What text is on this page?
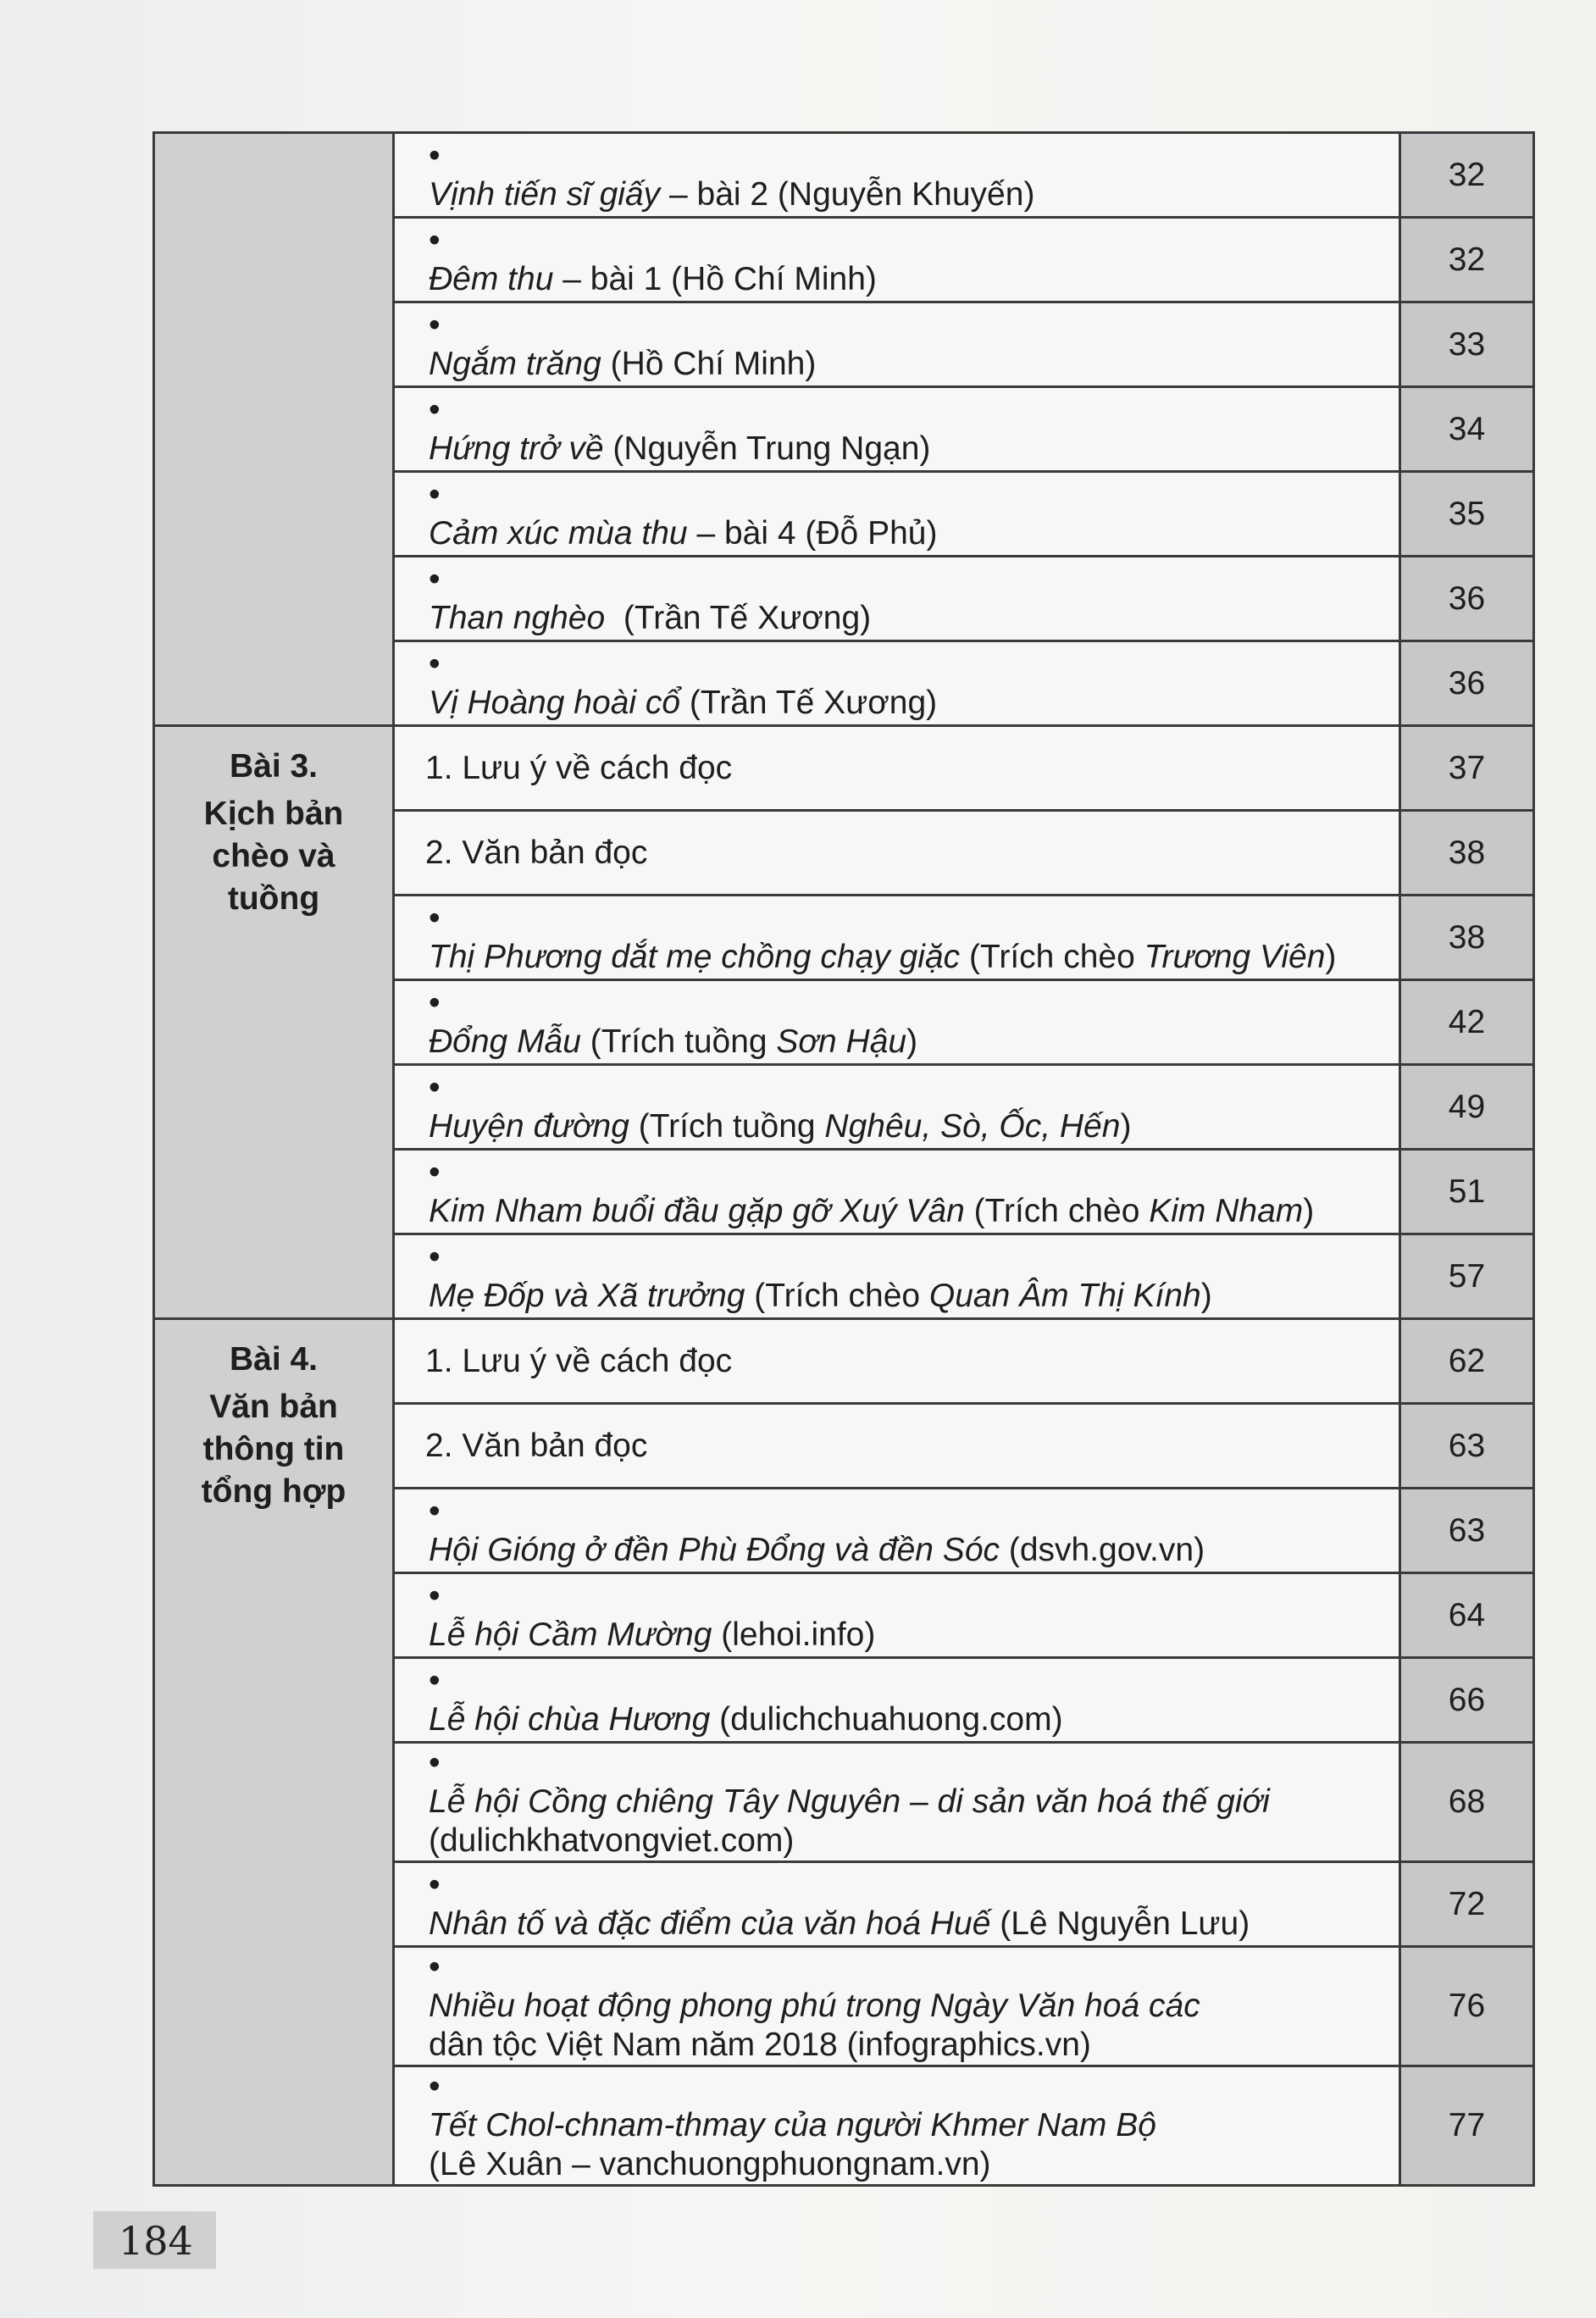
	•Vịnh tiến sĩ giấy – bài 2 (Nguyễn Khuyến)	32
	•Đêm thu – bài 1 (Hồ Chí Minh)	32
	•Ngắm trăng (Hồ Chí Minh)	33
	•Hứng trở về (Nguyễn Trung Ngạn)	34
	•Cảm xúc mùa thu – bài 4 (Đỗ Phủ)	35
	•Than nghèo  (Trần Tế Xương)	36
	•Vị Hoàng hoài cổ (Trần Tế Xương)	36

Bài 3.
Kịch bản
chèo và
tuồng	1. Lưu ý về cách đọc	37
	2. Văn bản đọc	38
	•Thị Phương dắt mẹ chồng chạy giặc (Trích chèo Trương Viên)	38
	•Đổng Mẫu (Trích tuồng Sơn Hậu)	42
	•Huyện đường (Trích tuồng Nghêu, Sò, Ốc, Hến)	49
	•Kim Nham buổi đầu gặp gỡ Xuý Vân (Trích chèo Kim Nham)	51
	•Mẹ Đốp và Xã trưởng (Trích chèo Quan Âm Thị Kính)	57

Bài 4.
Văn bản
thông tin
tổng hợp	1. Lưu ý về cách đọc	62
	2. Văn bản đọc	63
	•Hội Gióng ở đền Phù Đổng và đền Sóc (dsvh.gov.vn)	63
	•Lễ hội Cầm Mường (lehoi.info)	64
	•Lễ hội chùa Hương (dulichchuahuong.com)	66
	•Lễ hội Cồng chiêng Tây Nguyên – di sản văn hoá thế giới
(dulichkhatvongviet.com)	68
	•Nhân tố và đặc điểm của văn hoá Huế (Lê Nguyễn Lưu)	72
	•Nhiều hoạt động phong phú trong Ngày Văn hoá các
dân tộc Việt Nam năm 2018 (infographics.vn)	76
	•Tết Chol-chnam-thmay của người Khmer Nam Bộ
(Lê Xuân – vanchuongphuongnam.vn)	77
184
